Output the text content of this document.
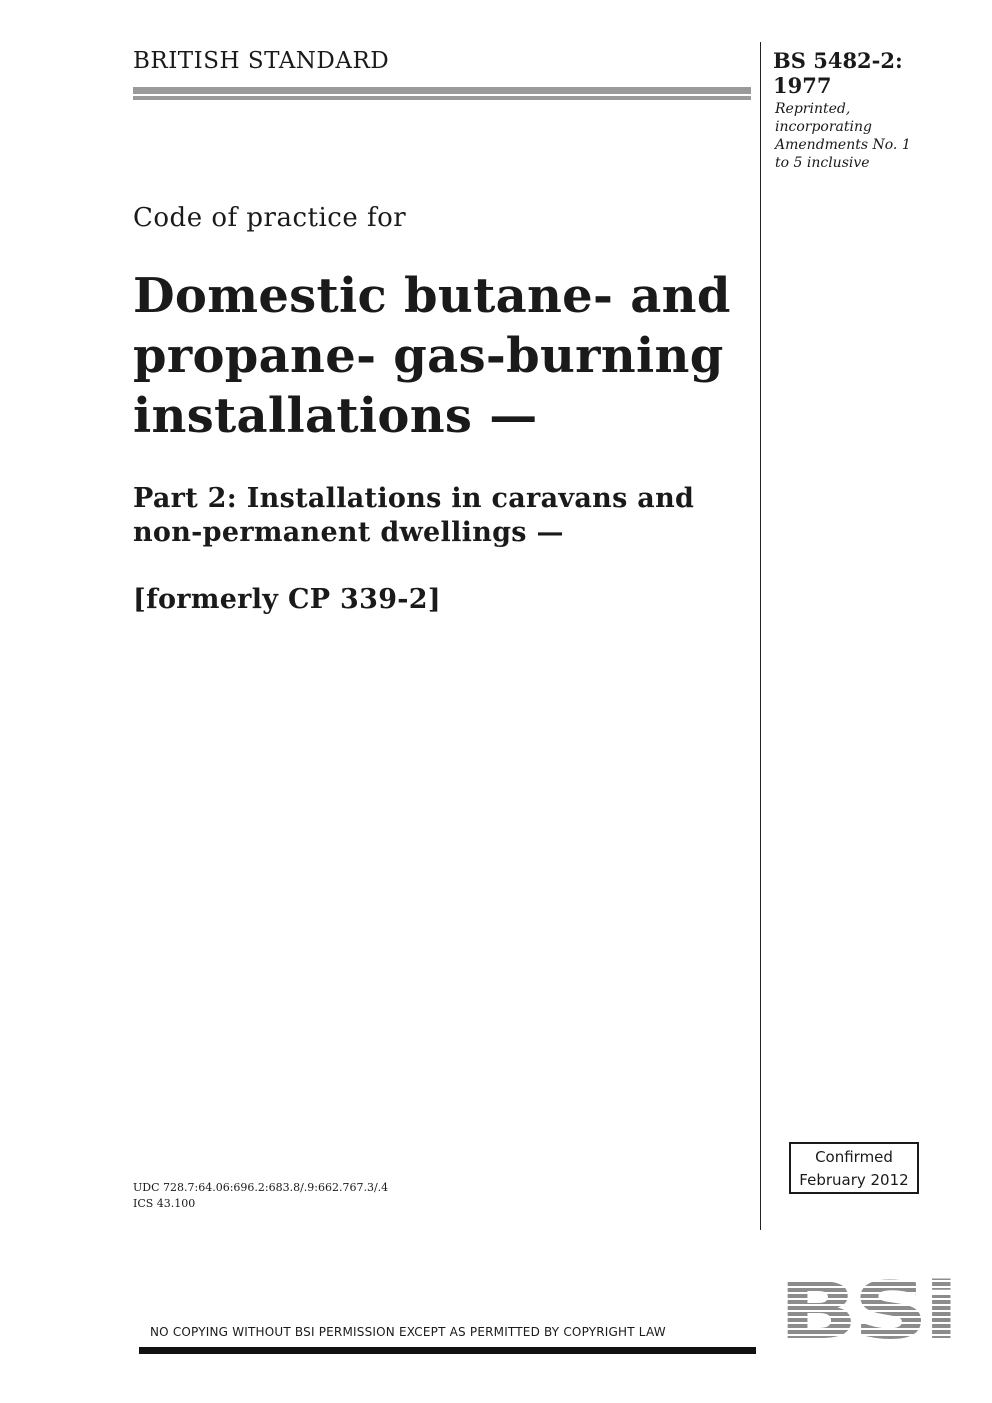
BRITISH STANDARD	BS 5482-2:
1977
Reprinted,
incorporating
Amendments No. 1
to 5 inclusive
Code of practice for
Domestic butane- and
propane- gas-burning
installations —
Part 2: Installations in caravans and
non-permanent dwellings —
[formerly CP 339-2]
UDC 728.7:64.06:696.2:683.8/.9:662.767.3/.4
ICS 43.100
Confirmed
February 2012
BSi
NO COPYING WITHOUT BSI PERMISSION EXCEPT AS PERMITTED BY COPYRIGHT LAW
